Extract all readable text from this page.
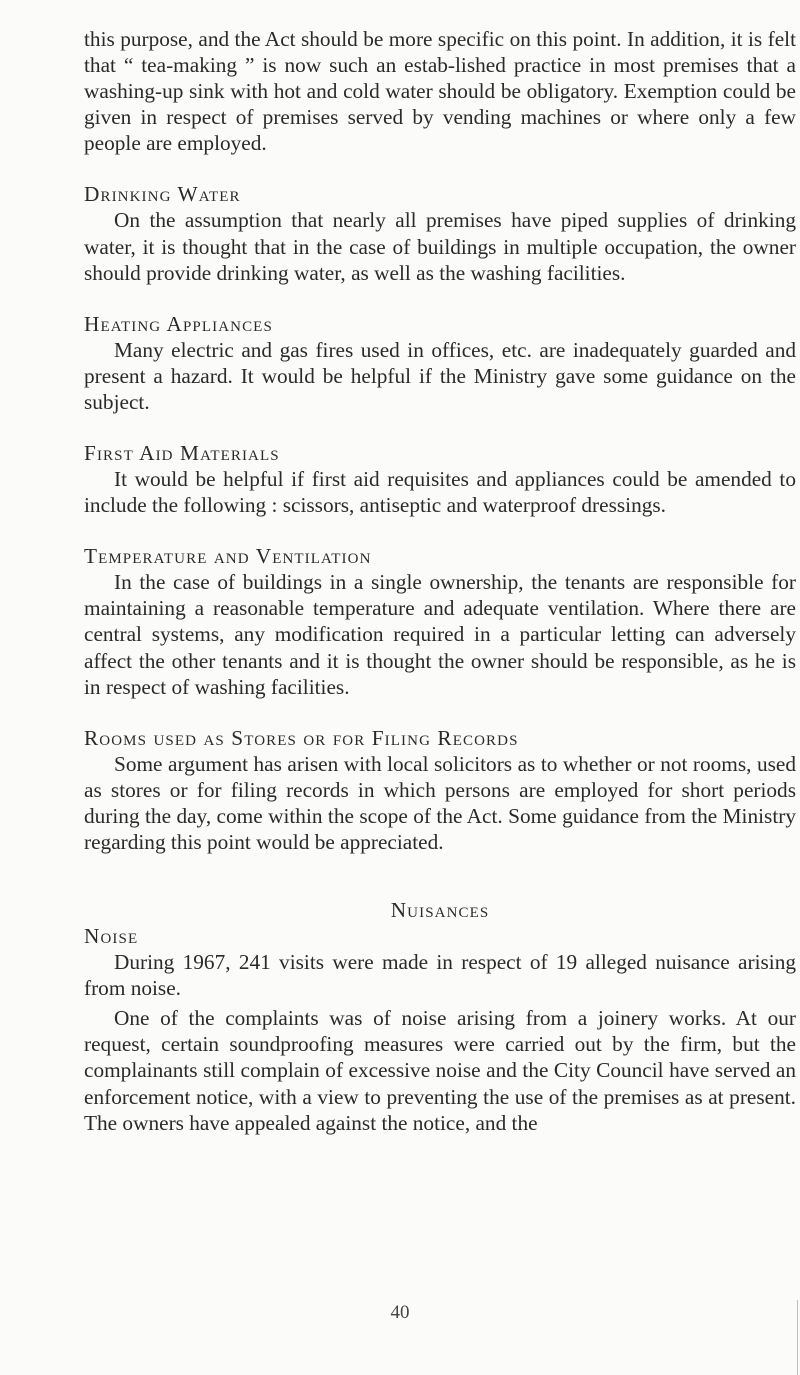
this purpose, and the Act should be more specific on this point. In addition, it is felt that “ tea-making ” is now such an estab-lished practice in most premises that a washing-up sink with hot and cold water should be obligatory. Exemption could be given in respect of premises served by vending machines or where only a few people are employed.

Drinking Water

On the assumption that nearly all premises have piped supplies of drinking water, it is thought that in the case of buildings in multiple occupation, the owner should provide drinking water, as well as the washing facilities.

Heating Appliances

Many electric and gas fires used in offices, etc. are inadequately guarded and present a hazard. It would be helpful if the Ministry gave some guidance on the subject.

First Aid Materials

It would be helpful if first aid requisites and appliances could be amended to include the following : scissors, antiseptic and waterproof dressings.

Temperature and Ventilation

In the case of buildings in a single ownership, the tenants are responsible for maintaining a reasonable temperature and adequate ventilation. Where there are central systems, any modification required in a particular letting can adversely affect the other tenants and it is thought the owner should be responsible, as he is in respect of washing facilities.

Rooms used as Stores or for Filing Records

Some argument has arisen with local solicitors as to whether or not rooms, used as stores or for filing records in which persons are employed for short periods during the day, come within the scope of the Act. Some guidance from the Ministry regarding this point would be appreciated.

Nuisances
Noise

During 1967, 241 visits were made in respect of 19 alleged nuisance arising from noise.

One of the complaints was of noise arising from a joinery works. At our request, certain soundproofing measures were carried out by the firm, but the complainants still complain of excessive noise and the City Council have served an enforcement notice, with a view to preventing the use of the premises as at present. The owners have appealed against the notice, and the

40
